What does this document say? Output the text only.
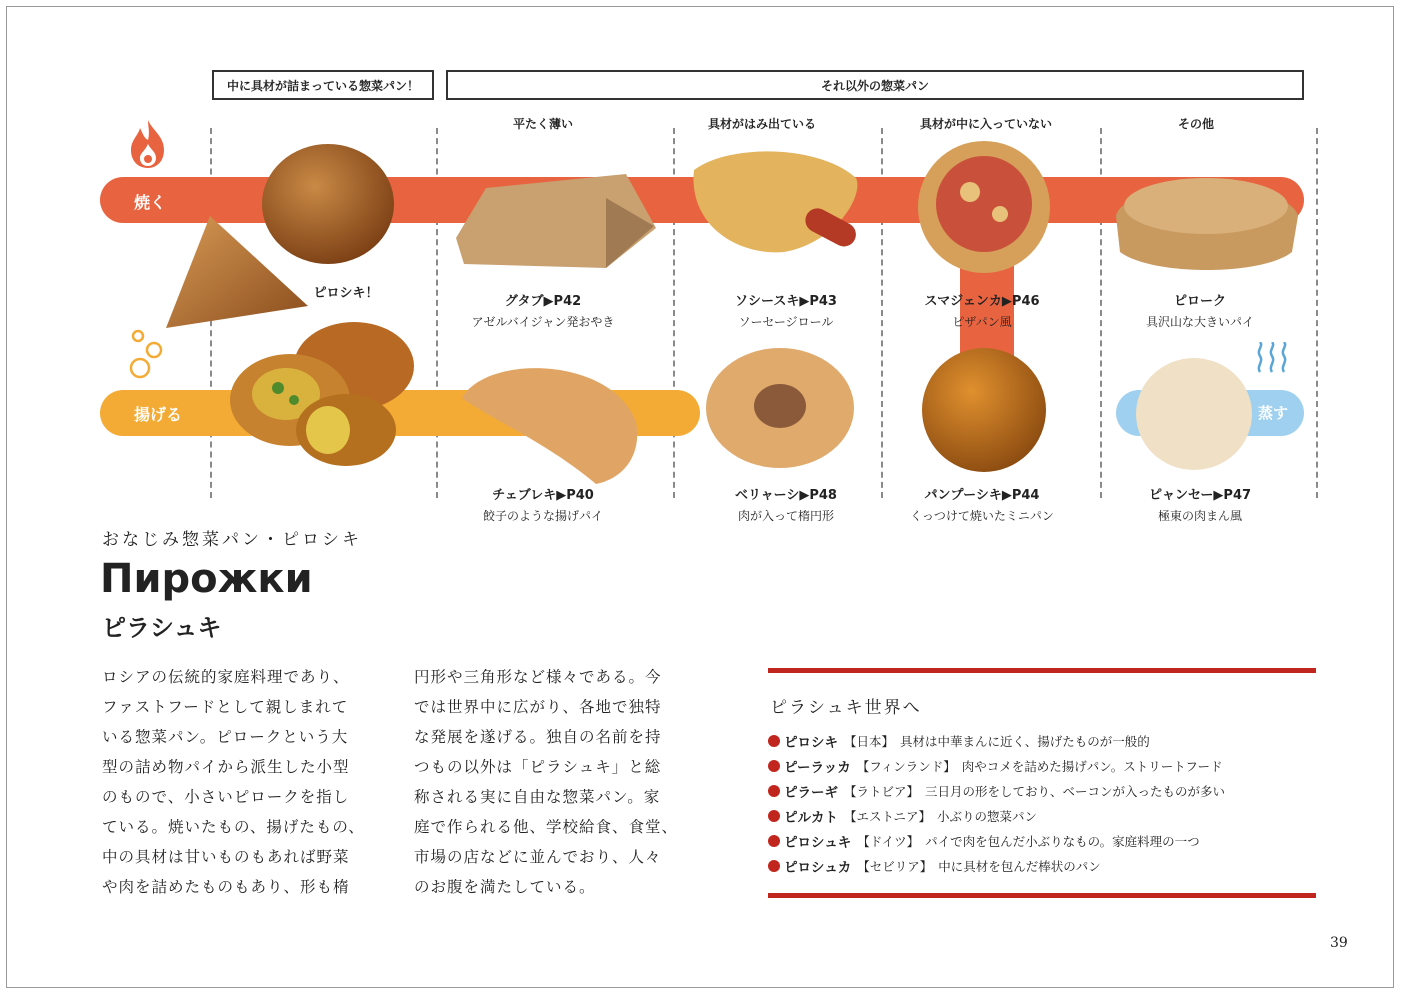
中に具材が詰まっている惣菜パン！	それ以外の惣菜パン
平たく薄い	具材がはみ出ている	具材が中に入っていない	その他
焼く
揚げる	蒸す
ピロシキ！
グタブ▶P42
アゼルバイジャン発おやき
ソシースキ▶P43
ソーセージロール
スマジェンカ▶P46
ピザパン風
ピローク
具沢山な大きいパイ
チェブレキ▶P40
餃子のような揚げパイ
ベリャーシ▶P48
肉が入って楕円形
パンプーシキ▶P44
くっつけて焼いたミニパン
ピャンセー▶P47
極東の肉まん風
おなじみ惣菜パン・ピロシキ
Пирожки
ピラシュキ
ロシアの伝統的家庭料理であり、
ファストフードとして親しまれて
いる惣菜パン。ピロークという大
型の詰め物パイから派生した小型
のもので、小さいピロークを指し
ている。焼いたもの、揚げたもの、
中の具材は甘いものもあれば野菜
や肉を詰めたものもあり、形も楕
円形や三角形など様々である。今
では世界中に広がり、各地で独特
な発展を遂げる。独自の名前を持
つもの以外は「ピラシュキ」と総
称される実に自由な惣菜パン。家
庭で作られる他、学校給食、食堂、
市場の店などに並んでおり、人々
のお腹を満たしている。
ピラシュキ世界へ
ピロシキ 【日本】 具材は中華まんに近く、揚げたものが一般的
ピーラッカ 【フィンランド】 肉やコメを詰めた揚げパン。ストリートフード
ピラーギ 【ラトビア】 三日月の形をしており、ベーコンが入ったものが多い
ピルカト 【エストニア】 小ぶりの惣菜パン
ピロシュキ 【ドイツ】 パイで肉を包んだ小ぶりなもの。家庭料理の一つ
ピロシュカ 【セビリア】 中に具材を包んだ棒状のパン
39
